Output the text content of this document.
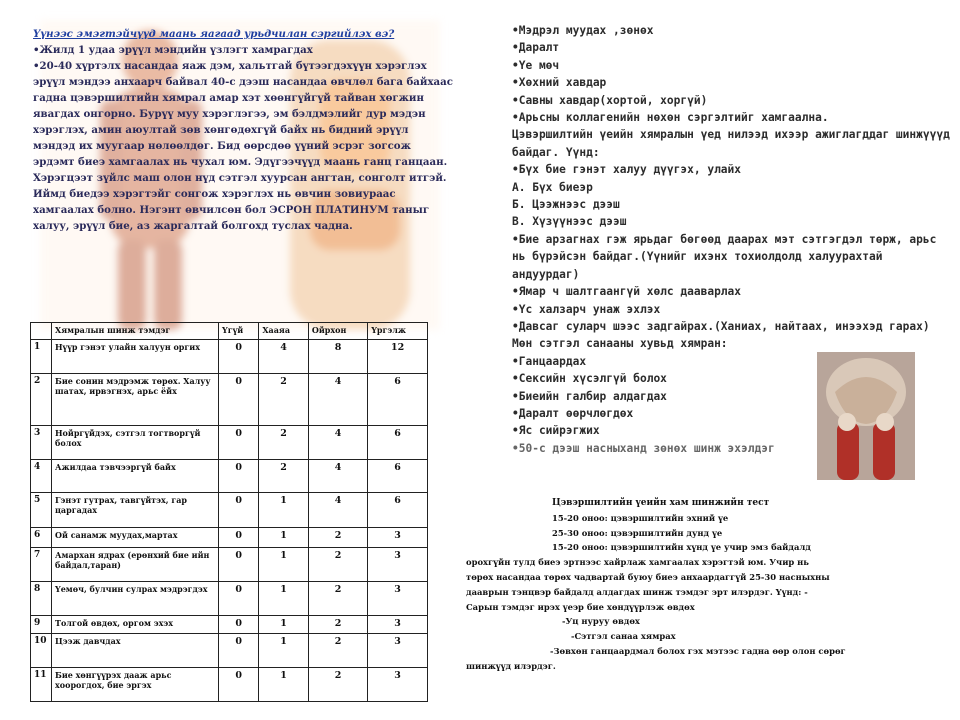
Үүнээс эмэгтэйчүүд маань яагаад урьдчилан сэргийлэх вэ?

•Жилд 1 удаа эрүүл мэндийн үзлэгт хамрагдах

•20-40 хүртэлх насандаа яаж дэм, хальтгай бүтээгдэхүүн хэрэглэх эрүүл мэндээ анхаарч байвал 40-с дээш насандаа өвчлөл бага байхаас гадна цэвэршилтийн хямрал амар хэт хөөнгүйгүй тайван хөгжин явагдах онгорно. Бурүү муу хэрэглэгээ, эм бэлдмэлийг дур мэдэн хэрэглэх, амин аюултай зөв хөнгөдөхгүй байх нь бидний эрүүл мэндэд их муугаар нөлөөлдөг. Бид өөрсдөө үүний эсрэг зогсож эрдэмт биеэ хамгаалах нь чухал юм. Эдүгээчүүд маань ганц ганцаан. Хэрэгцээт зүйлс маш олон нүд сэтгэл хуурсан ангтан, сонголт итгэй. Иймд биедээ хэрэгтэйг сонгож хэрэглэх нь өвчин зовиураас хамгаалах болно. Нэгэнт өвчилсөн бол ЭСРОН ПЛАТИНУМ таныг халуу, эрүүл бие, аз жаргалтай болгохд туслах чадна.

	Хямралын шинж тэмдэг	Үгүй	Хааяа	Ойрхон	Үргэлж
1	Нүүр гэнэт улайн халуун оргих	0	4	8	12
2	Бие сонин мэдрэмж төрөх. Халуу шатах, ирвэгнэх, арьс ёйх	0	2	4	6
3	Нойргүйдэх, сэтгэл тогтворгүй болох	0	2	4	6
4	Ажилдаа тэвчээргүй байх	0	2	4	6
5	Гэнэт гутрах, тавгүйтэх, гар царгадах	0	1	4	6
6	Ой санамж муудах,мартах	0	1	2	3
7	Амархан ядрах (ерөнхий бие ийн байдал,таран)	0	1	2	3
8	Үемөч, булчин сулрах мэдрэгдэх	0	1	2	3
9	Толгой өвдөх, оргом эхэх	0	1	2	3
10	Цээж давчдах	0	1	2	3
11	Бие хөнгүүрэх дааж арьс хоорогдох, бие эргэх	0	1	2	3
•Мэдрэл муудах ,зөнөх
•Даралт
•Үе мөч
•Хөхний хавдар
•Савны хавдар(хортой, хоргүй)
•Арьсны коллагенийн нөхөн сэргэлтийг хамгаална.
Цэвэршилтийн үеийн хямралын үед нилээд ихээр ажиглагддаг шинжүүүд байдаг. Үүнд:
•Бүх бие гэнэт халуу дүүгэх, улайх
А. Бүх биеэр
Б. Цээжнээс дээш
В. Хүзүүнээс дээш
•Бие арзагнах гэж ярьдаг бөгөөд даарах мэт сэтгэгдэл төрж, арьс нь бүрэйсэн байдаг.(Үүнийг ихэнх тохиолдолд халуурахтай андуурдаг)
•Ямар ч шалтгаангүй хөлс дааварлах
•Үс халзарч унаж эхлэх
•Давсаг суларч шээс задгайрах.(Ханиах, найтаах, инээхэд гарах)
Мөн сэтгэл санааны хувьд хямран:
•Ганцаардах
•Сексийн хүсэлгүй болох
•Биеийн галбир алдагдах
•Даралт өөрчлөгдөх
•Яс сийрэгжих
•50-с дээш насныханд зөнөх шинж эхэлдэг
Цэвэршилтийн үеийн хам шинжийн тест
15-20 оноо: цэвэршилтийн эхний үе
25-30 оноо: цэвэршилтийн дунд үе
15-20 оноо: цэвэршилтийн хүнд үе учир эмз байдалд
орохгүйн тулд биеэ эртнээс хайрлаж хамгаалах хэрэгтэй юм. Учир нь
төрөх насандаа төрөх чадвартай буюу биеэ анхаардаггүй 25-30 насныхны
дааврын тэнцвэр байдалд алдагдах шинж тэмдэг эрт илэрдэг. Үүнд: -
Сарын тэмдэг ирэх үеэр бие хөндүүрлэж өвдөх
-Уц нуруу өвдөх
-Сэтгэл санаа хямрах
-Зөвхөн ганцаардмал болох гэх мэтээс гадна өөр олон сөрөг
шинжүүд илэрдэг.
